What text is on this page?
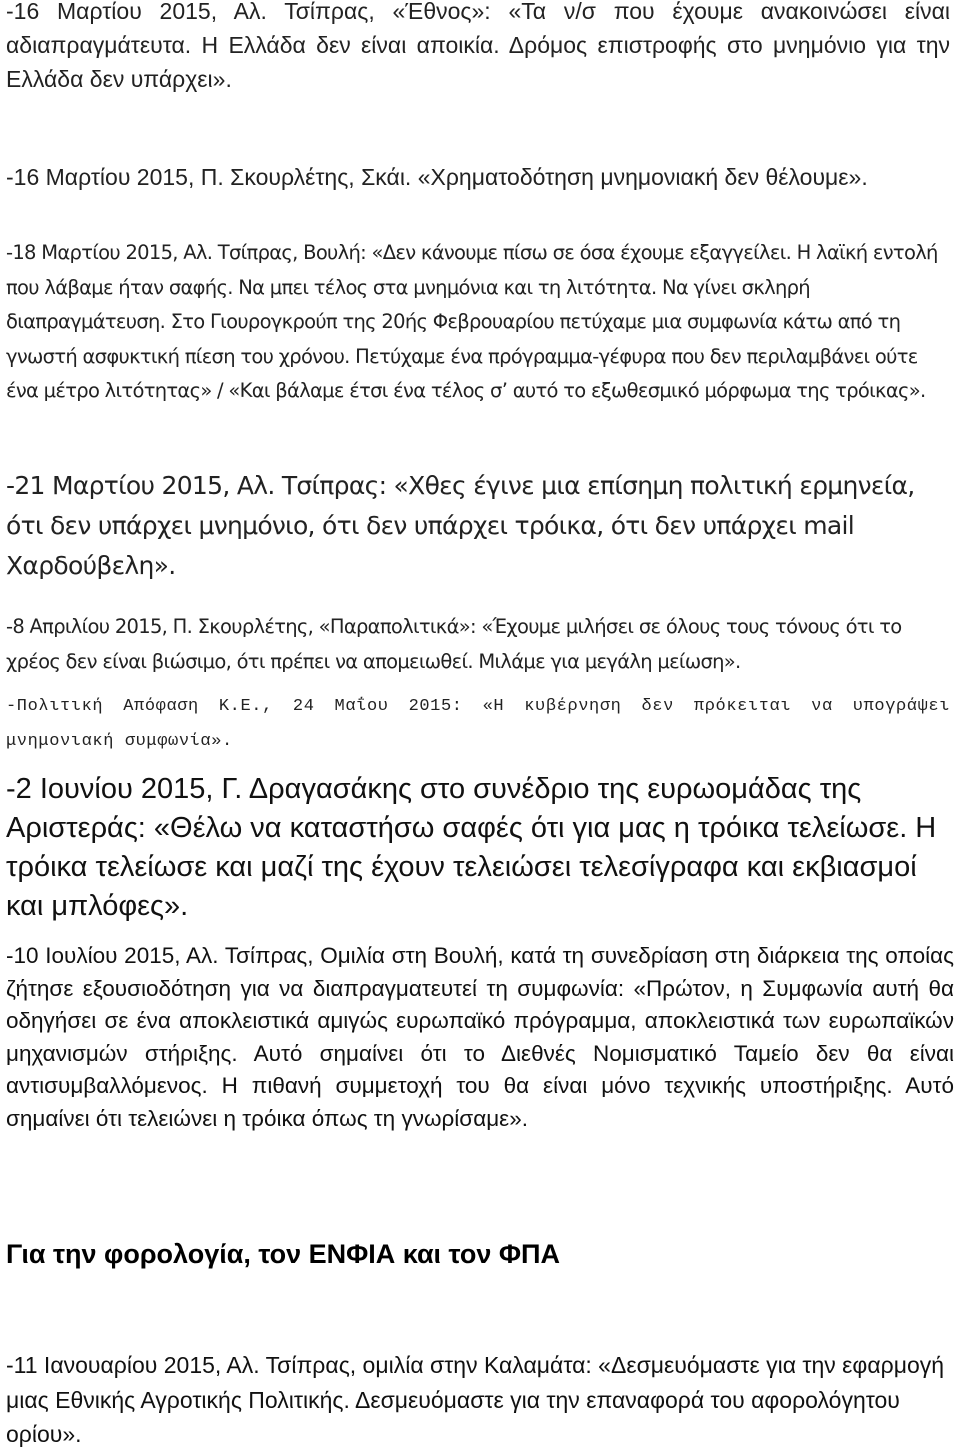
-16 Μαρτίου 2015, Αλ. Τσίπρας, «Έθνος»: «Τα ν/σ που έχουμε ανακοινώσει είναι αδιαπραγμάτευτα. Η Ελλάδα δεν είναι αποικία. Δρόμος επιστροφής στο μνημόνιο για την Ελλάδα δεν υπάρχει».

-16 Μαρτίου 2015, Π. Σκουρλέτης, Σκάι. «Χρηματοδότηση μνημονιακή δεν θέλουμε».

-18 Μαρτίου 2015, Αλ. Τσίπρας, Βουλή: «Δεν κάνουμε πίσω σε όσα έχουμε εξαγγείλει. Η λαϊκή εντολή που λάβαμε ήταν σαφής. Να μπει τέλος στα μνημόνια και τη λιτότητα. Να γίνει σκληρή διαπραγμάτευση. Στο Γιουρογκρούπ της 20ής Φεβρουαρίου πετύχαμε μια συμφωνία κάτω από τη γνωστή ασφυκτική πίεση του χρόνου. Πετύχαμε ένα πρόγραμμα-γέφυρα που δεν περιλαμβάνει ούτε ένα μέτρο λιτότητας» / «Και βάλαμε έτσι ένα τέλος σ’ αυτό το εξωθεσμικό μόρφωμα της τρόικας».

-21 Μαρτίου 2015, Αλ. Τσίπρας: «Χθες έγινε μια επίσημη πολιτική ερμηνεία, ότι δεν υπάρχει μνημόνιο, ότι δεν υπάρχει τρόικα, ότι δεν υπάρχει mail Χαρδούβελη».

-8 Απριλίου 2015, Π. Σκουρλέτης, «Παραπολιτικά»: «Έχουμε μιλήσει σε όλους τους τόνους ότι το χρέος δεν είναι βιώσιμο, ότι πρέπει να απομειωθεί. Μιλάμε για μεγάλη μείωση».

-Πολιτική Απόφαση Κ.Ε., 24 Μαΐου 2015: «Η κυβέρνηση δεν πρόκειται να υπογράψει μνημονιακή συμφωνία».

-2 Ιουνίου 2015, Γ. Δραγασάκης στο συνέδριο της ευρωομάδας της Αριστεράς: «Θέλω να καταστήσω σαφές ότι για μας η τρόικα τελείωσε. Η τρόικα τελείωσε και μαζί της έχουν τελειώσει τελεσίγραφα και εκβιασμοί και μπλόφες».

-10 Ιουλίου 2015, Αλ. Τσίπρας, Ομιλία στη Βουλή, κατά τη συνεδρίαση στη διάρκεια της οποίας ζήτησε εξουσιοδότηση για να διαπραγματευτεί τη συμφωνία: «Πρώτον, η Συμφωνία αυτή θα οδηγήσει σε ένα αποκλειστικά αμιγώς ευρωπαϊκό πρόγραμμα, αποκλειστικά των ευρωπαϊκών μηχανισμών στήριξης. Αυτό σημαίνει ότι το Διεθνές Νομισματικό Ταμείο δεν θα είναι αντισυμβαλλόμενος. Η πιθανή συμμετοχή του θα είναι μόνο τεχνικής υποστήριξης. Αυτό σημαίνει ότι τελειώνει η τρόικα όπως τη γνωρίσαμε».

Για την φορολογία, τον ΕΝΦΙΑ και τον ΦΠΑ

-11 Ιανουαρίου 2015, Αλ. Τσίπρας, ομιλία στην Καλαμάτα: «Δεσμευόμαστε για την εφαρμογή μιας Εθνικής Αγροτικής Πολιτικής. Δεσμευόμαστε για την επαναφορά του αφορολόγητου ορίου».
